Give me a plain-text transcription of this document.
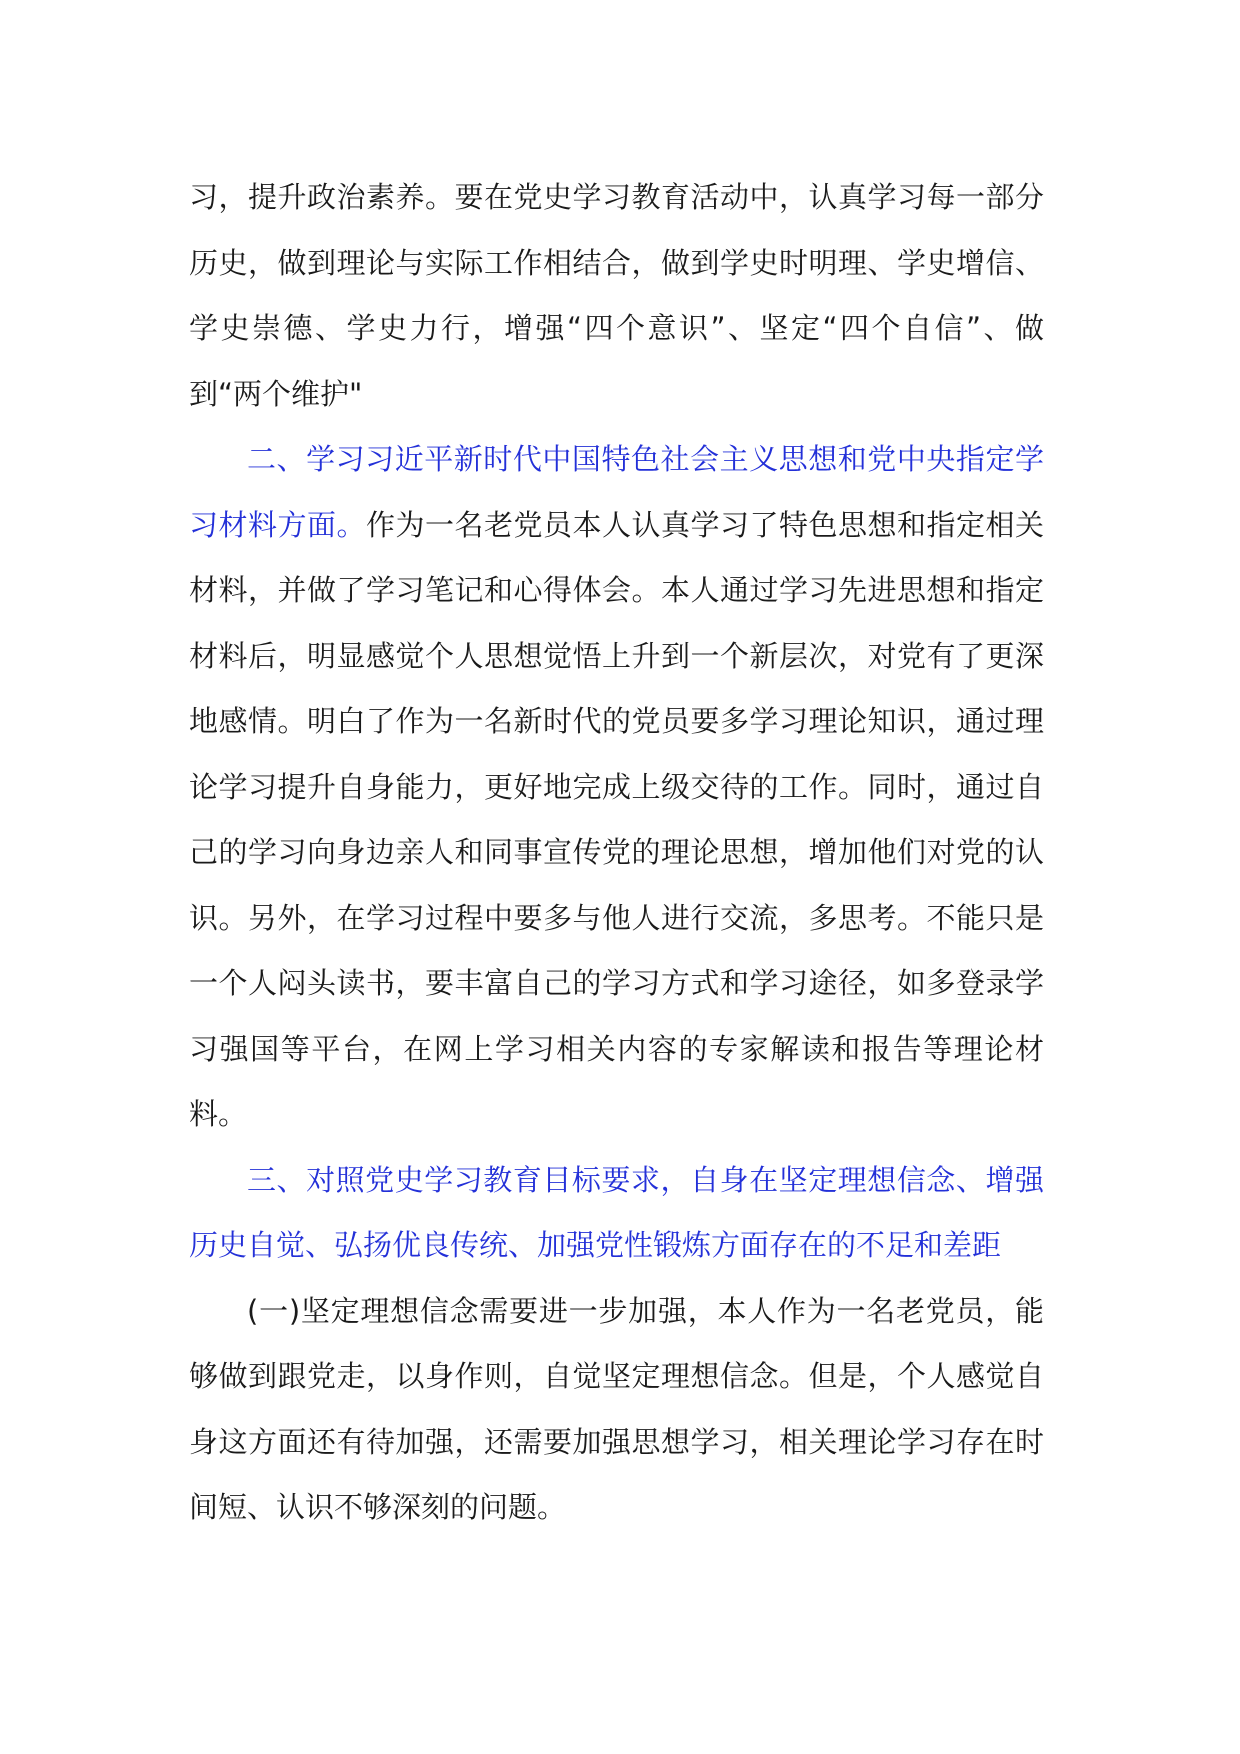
习，提升政治素养。要在党史学习教育活动中，认真学习每一部分历史，做到理论与实际工作相结合，做到学史时明理、学史增信、学史崇德、学史力行，增强“四个意识”、坚定“四个自信”、做到“两个维护"

二、学习习近平新时代中国特色社会主义思想和党中央指定学习材料方面。作为一名老党员本人认真学习了特色思想和指定相关材料，并做了学习笔记和心得体会。本人通过学习先进思想和指定材料后，明显感觉个人思想觉悟上升到一个新层次，对党有了更深地感情。明白了作为一名新时代的党员要多学习理论知识，通过理论学习提升自身能力，更好地完成上级交待的工作。同时，通过自己的学习向身边亲人和同事宣传党的理论思想，增加他们对党的认识。另外，在学习过程中要多与他人进行交流，多思考。不能只是一个人闷头读书，要丰富自己的学习方式和学习途径，如多登录学习强国等平台，在网上学习相关内容的专家解读和报告等理论材料。

三、对照党史学习教育目标要求，自身在坚定理想信念、增强历史自觉、弘扬优良传统、加强党性锻炼方面存在的不足和差距

(一)坚定理想信念需要进一步加强，本人作为一名老党员，能够做到跟党走，以身作则，自觉坚定理想信念。但是，个人感觉自身这方面还有待加强，还需要加强思想学习，相关理论学习存在时间短、认识不够深刻的问题。
